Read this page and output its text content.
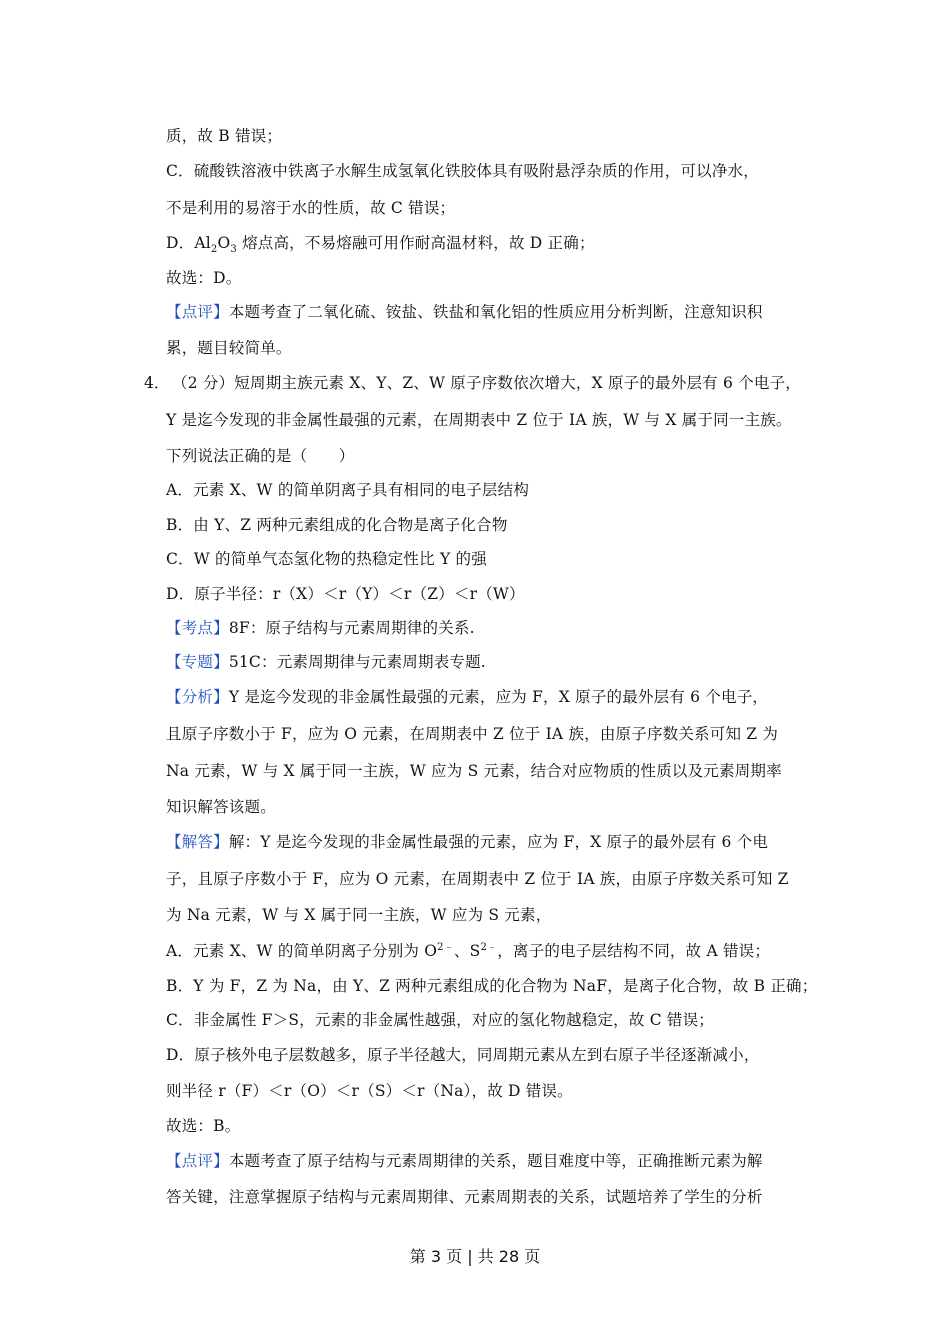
质，故 B 错误；
C．硫酸铁溶液中铁离子水解生成氢氧化铁胶体具有吸附悬浮杂质的作用，可以净水，
不是利用的易溶于水的性质，故 C 错误；
D．$Al_2O_3$ 熔点高，不易熔融可用作耐高温材料，故 D 正确；
故选：D。
【点评】本题考查了二氧化硫、铵盐、铁盐和氧化铝的性质应用分析判断，注意知识积
累，题目较简单。
4． （2 分）短周期主族元素 X、Y、Z、W 原子序数依次增大，X 原子的最外层有 6 个电子，
Y 是迄今发现的非金属性最强的元素，在周期表中 Z 位于 IA 族，W 与 X 属于同一主族。
下列说法正确的是（　　）
A．元素 X、W 的简单阴离子具有相同的电子层结构
B．由 Y、Z 两种元素组成的化合物是离子化合物
C．W 的简单气态氢化物的热稳定性比 Y 的强
D．原子半径：r（X）＜r（Y）＜r（Z）＜r（W）
【考点】8F：原子结构与元素周期律的关系.
【专题】51C：元素周期律与元素周期表专题.
【分析】Y 是迄今发现的非金属性最强的元素，应为 F，X 原子的最外层有 6 个电子，
且原子序数小于 F，应为 O 元素，在周期表中 Z 位于 IA 族，由原子序数关系可知 Z 为
Na 元素，W 与 X 属于同一主族，W 应为 S 元素，结合对应物质的性质以及元素周期率
知识解答该题。
【解答】解：Y 是迄今发现的非金属性最强的元素，应为 F，X 原子的最外层有 6 个电
子，且原子序数小于 F，应为 O 元素，在周期表中 Z 位于 IA 族，由原子序数关系可知 Z
为 Na 元素，W 与 X 属于同一主族，W 应为 S 元素，
A．元素 X、W 的简单阴离子分别为 $O^{2﹣}$、$S^{2﹣}$，离子的电子层结构不同，故 A 错误；
B．Y 为 F，Z 为 Na，由 Y、Z 两种元素组成的化合物为 NaF，是离子化合物，故 B 正确；
C．非金属性 F＞S，元素的非金属性越强，对应的氢化物越稳定，故 C 错误；
D．原子核外电子层数越多，原子半径越大，同周期元素从左到右原子半径逐渐减小，
则半径 r（F）＜r（O）＜r（S）＜r（Na），故 D 错误。
故选：B。
【点评】本题考查了原子结构与元素周期律的关系，题目难度中等，正确推断元素为解
答关键，注意掌握原子结构与元素周期律、元素周期表的关系，试题培养了学生的分析
第 3 页 | 共 28 页
